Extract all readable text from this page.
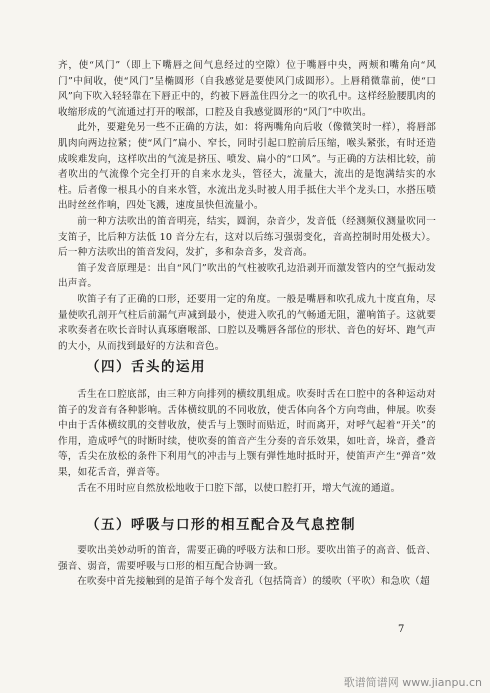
齐，使“风门”（即上下嘴唇之间气息经过的空隙）位于嘴唇中央，两颊和嘴角向“风门”中间收，使“风门”呈椭圆形（自我感觉是要使风门成圆形）。上唇稍微靠前，使“口风”向下吹入轻轻靠在下唇正中的，约被下唇盖住四分之一的吹孔中。这样经脸腰肌肉的收缩形成的气流通过打开的喉部，口腔及自我感觉圆形的“风门”中吹出。

此外，要避免另一些不正确的方法，如：将两嘴角向后收（像微笑时一样），将唇部肌肉向两边拉紧；使“风门”扁小、窄长，同时引起口腔前后压缩，喉头紧张，有时还造成唉难发向，这样吹出的气流是挤压、喷发、扁小的“口风”。与正确的方法相比较，前者吹出的气流像个完全打开的自来水龙头，管径大，流量大，流出的是饱满结实的水柱。后者像一根具小的自来水管，水流出龙头时被人用手抵住大半个龙头口，水搭压喷出时丝丝作响，四处飞溅，速度虽快但流量小。

前一种方法吹出的笛音明亮，结实，圆润，杂音少，发音低（经测频仪测量吹同一支笛子，比后种方法低 10 音分左右，这对以后练习强弱变化，音高控制时用处极大）。后一种方法吹出的笛音发闷，发扩，多和杂音多，发音高。

笛子发音原理是：出自“风门”吹出的气柱被吹孔边沿剥开而激发管内的空气振动发出声音。

吹笛子有了正确的口形，还要用一定的角度。一般是嘴唇和吹孔成九十度直角，尽量使吹孔剖开气柱后前漏气声减到最小，使进入吹孔的气畅通无阻，灌响笛子。这就要求吹奏者在吹长音时认真琢磨喉部、口腔以及嘴唇各部位的形状、音色的好坏、跑气声的大小，从而找到最好的方法和音色。

（四）舌头的运用

舌生在口腔底部，由三种方向排列的横纹肌组成。吹奏时舌在口腔中的各种运动对笛子的发音有各种影响。舌体横纹肌的不同收放，使舌体向各个方向弯曲，伸展。吹奏中由于舌体横纹肌的交替收放，使舌与上颚时而贴近，时而离开，对呼气起着“开关”的作用，造成呼气的时断时续，使吹奏的笛音产生分奏的音乐效果，如吐音，垛音，叠音等，舌尖在放松的条件下利用气的冲击与上颚有弹性地时抵时开，使笛声产生“弹音”效果，如花舌音，弹音等。

舌在不用时应自然放松地收于口腔下部，以使口腔打开，增大气流的通道。

（五）呼吸与口形的相互配合及气息控制

要吹出美妙动听的笛音，需要正确的呼吸方法和口形。要吹出笛子的高音、低音、强音、弱音，需要呼吸与口形的相互配合协调一致。

在吹奏中首先接触到的是笛子每个发音孔（包括筒音）的缓吹（平吹）和急吹（超

7
歌谱简谱网 www.jianpu.cn
